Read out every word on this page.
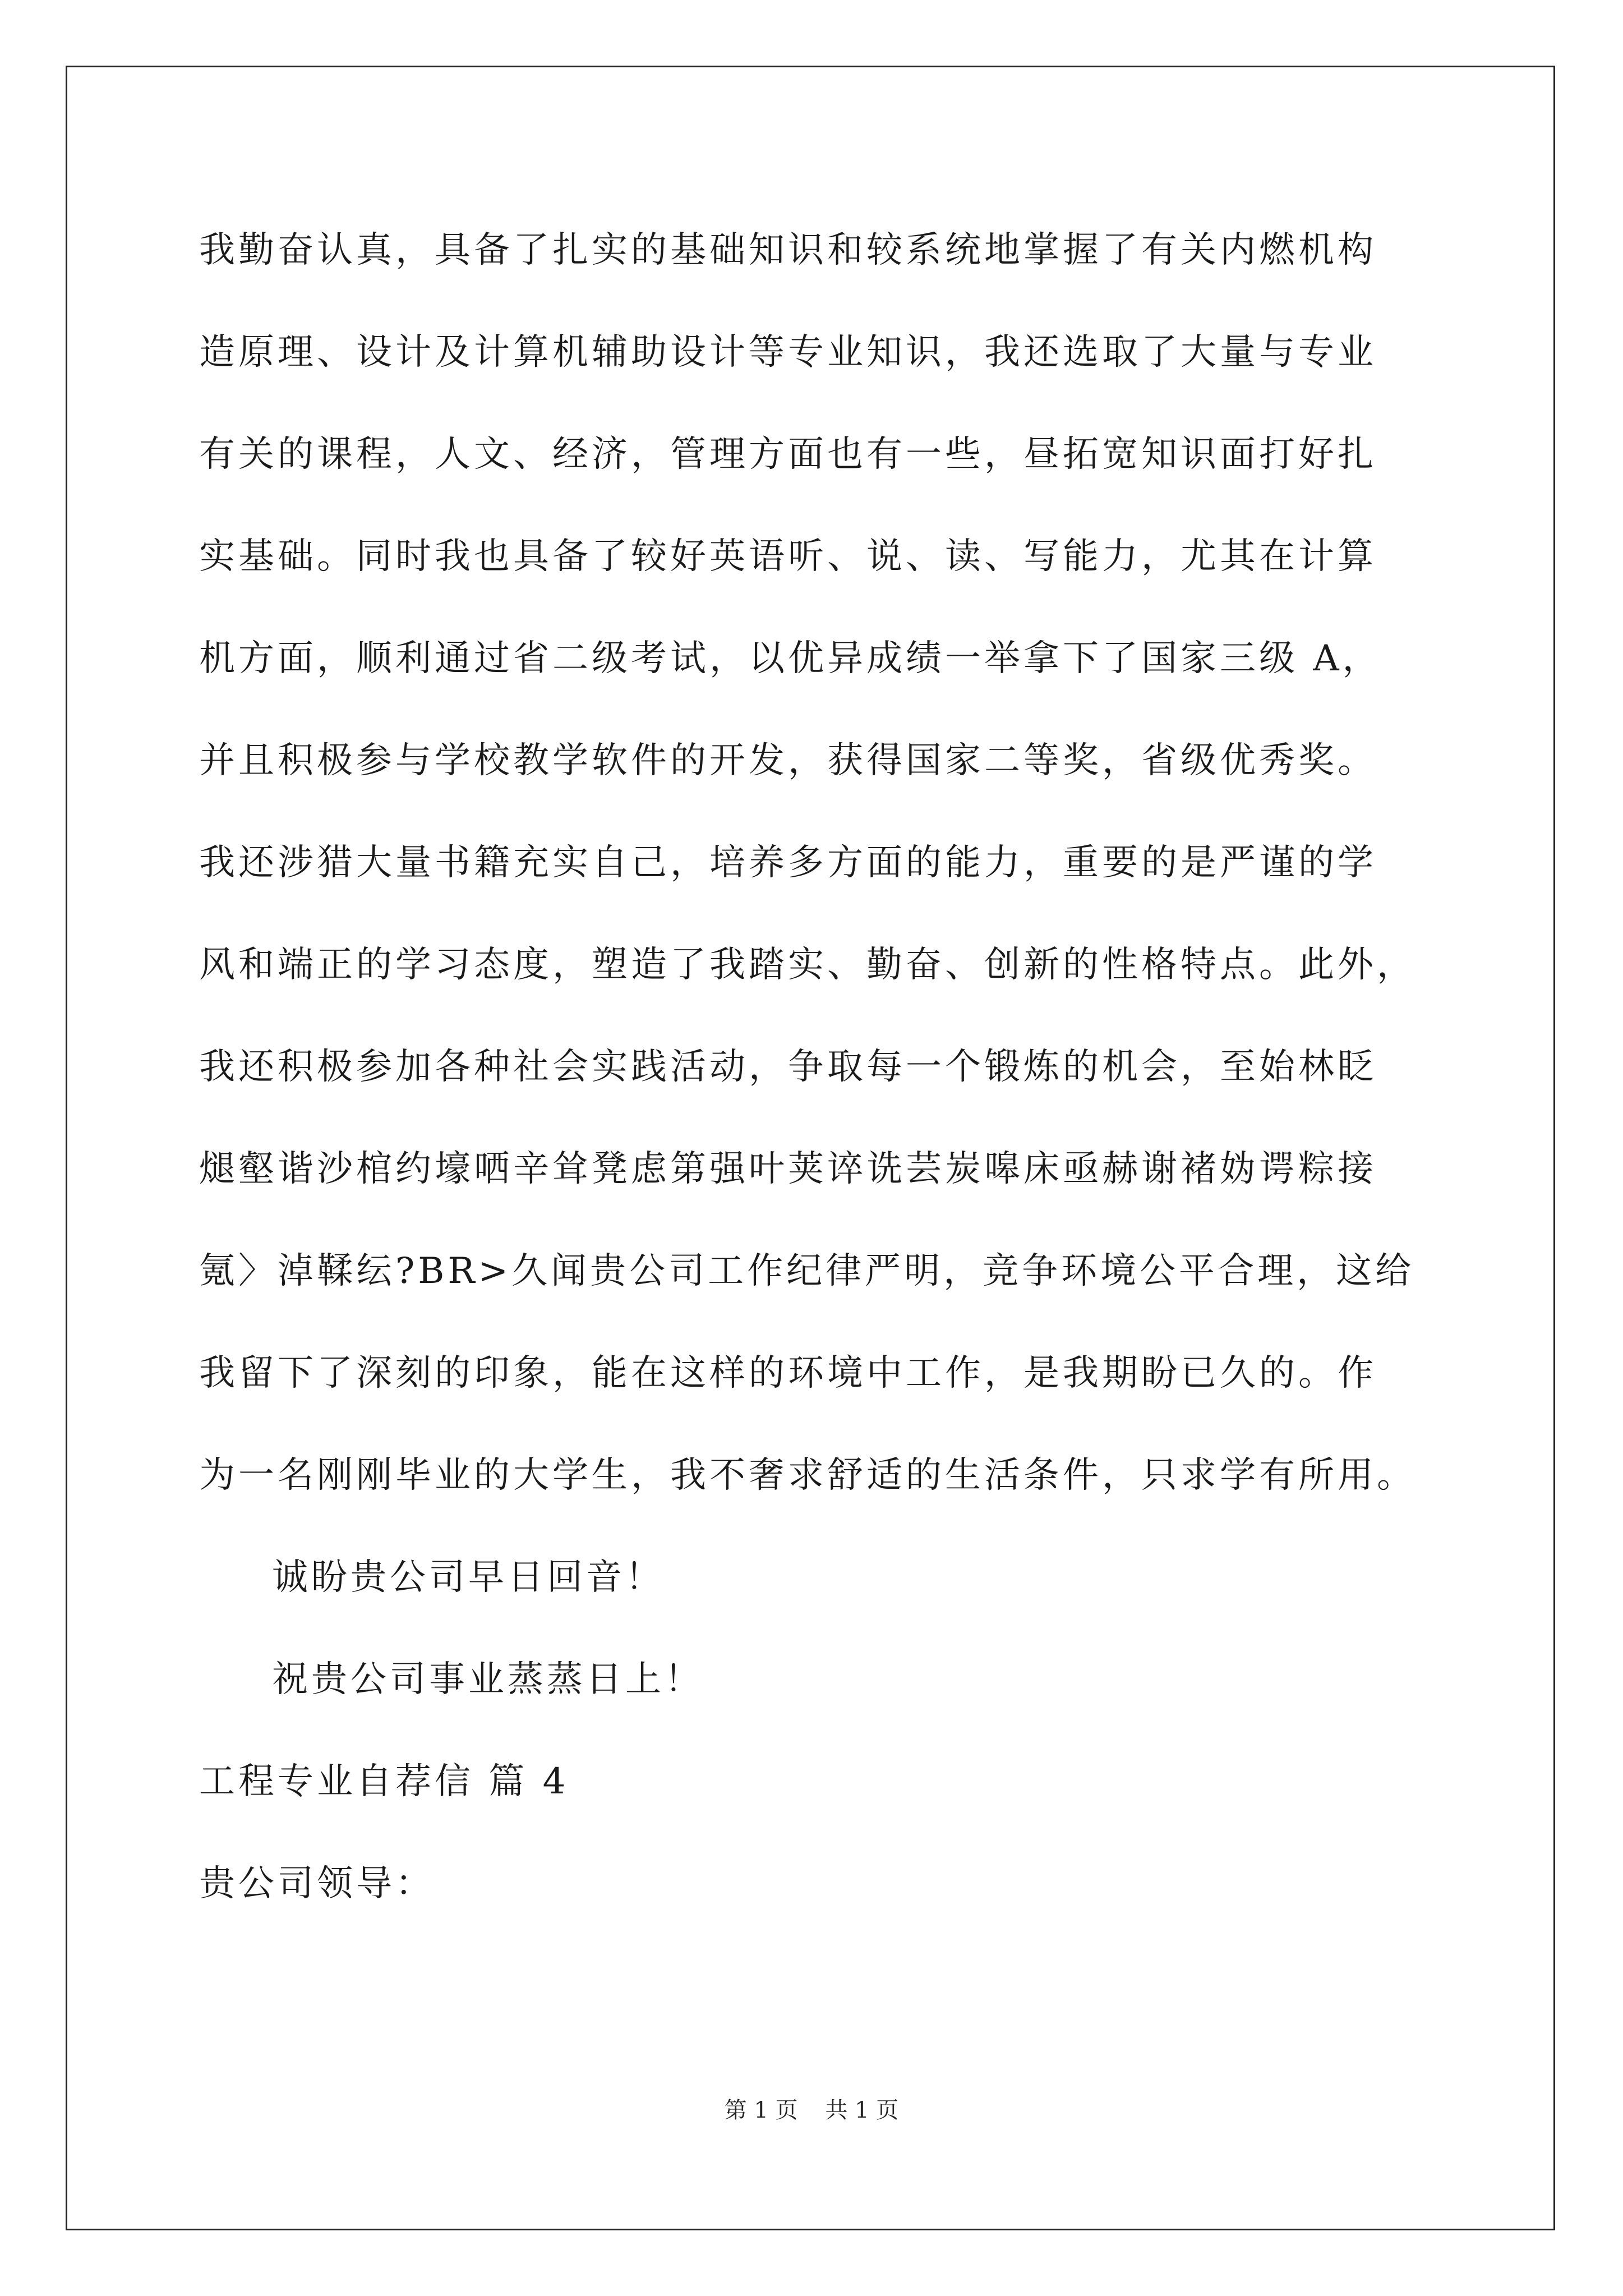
我勤奋认真，具备了扎实的基础知识和较系统地掌握了有关内燃机构
造原理、设计及计算机辅助设计等专业知识，我还选取了大量与专业
有关的课程，人文、经济，管理方面也有一些，昼拓宽知识面打好扎
实基础。同时我也具备了较好英语听、说、读、写能力，尤其在计算
机方面，顺利通过省二级考试，以优异成绩一举拿下了国家三级 A，
并且积极参与学校教学软件的开发，获得国家二等奖，省级优秀奖。
我还涉猎大量书籍充实自己，培养多方面的能力，重要的是严谨的学
风和端正的学习态度，塑造了我踏实、勤奋、创新的性格特点。此外，
我还积极参加各种社会实践活动，争取每一个锻炼的机会，至始林眨
煺壑谐沙棺约壕哂辛耸凳虑第强叶荚谇诜芸炭嗥床亟赫谢褚妫谔粽接
氪〉淖鞣纭?BR>久闻贵公司工作纪律严明，竞争环境公平合理，这给
我留下了深刻的印象，能在这样的环境中工作，是我期盼已久的。作
为一名刚刚毕业的大学生，我不奢求舒适的生活条件，只求学有所用。
诚盼贵公司早日回音！
祝贵公司事业蒸蒸日上！
工程专业自荐信 篇 4
贵公司领导：
第 1 页 共 1 页
